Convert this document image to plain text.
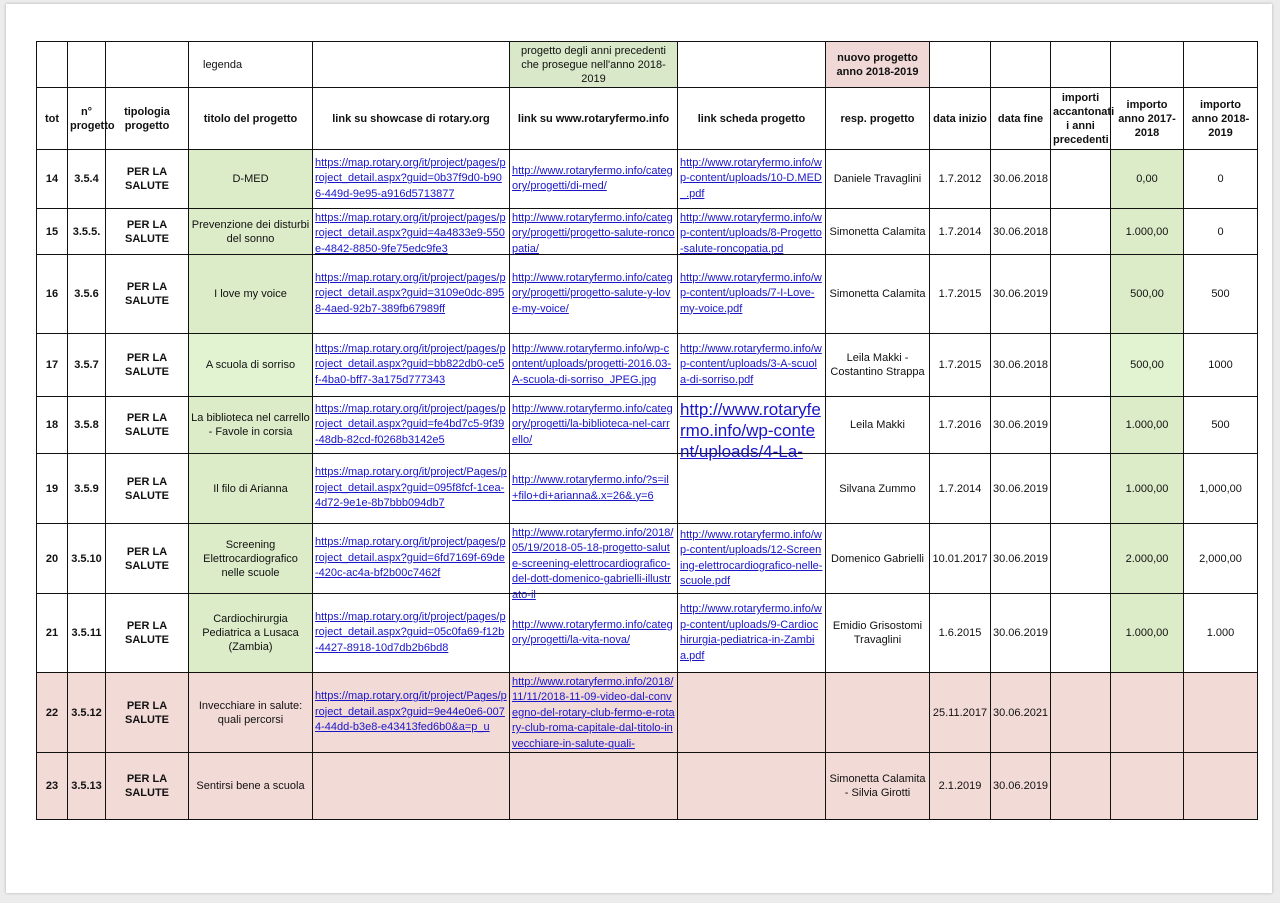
			legenda		progetto degli anni precedenti che prosegue nell'anno 2018-2019		nuovo progetto anno 2018-2019					
tot	n° progetto	tipologia progetto	titolo del progetto	link su showcase di rotary.org	link su www.rotaryfermo.info	link scheda progetto	resp. progetto	data inizio	data fine	importi accantonati i anni precedenti	importo anno 2017- 2018	importo anno 2018- 2019
14	3.5.4	PER LA SALUTE	D-MED	https://map.rotary.org/it/project/pages/project_detail.aspx?guid=0b37f9d0-b906-449d-9e95-a916d5713877	http://www.rotaryfermo.info/category/progetti/di-med/	http://www.rotaryfermo.info/wp-content/uploads/10-D.MED_.pdf	Daniele Travaglini	1.7.2012	30.06.2018		0,00	0
15	3.5.5.	PER LA SALUTE	Prevenzione dei disturbi del sonno	https://map.rotary.org/it/project/pages/project_detail.aspx?guid=4a4833e9-550e-4842-8850-9fe75edc9fe3	http://www.rotaryfermo.info/category/progetti/progetto-salute-roncopatia/	http://www.rotaryfermo.info/wp-content/uploads/8-Progetto-salute-roncopatia.pd	Simonetta Calamita	1.7.2014	30.06.2018		1.000,00	0
16	3.5.6	PER LA SALUTE	I love my voice	https://map.rotary.org/it/project/pages/project_detail.aspx?guid=3109e0dc-8958-4aed-92b7-389fb67989ff	http://www.rotaryfermo.info/category/progetti/progetto-salute-y-love-my-voice/	http://www.rotaryfermo.info/wp-content/uploads/7-I-Love-my-voice.pdf	Simonetta Calamita	1.7.2015	30.06.2019		500,00	500
17	3.5.7	PER LA SALUTE	A scuola di sorriso	https://map.rotary.org/it/project/pages/project_detail.aspx?guid=bb822db0-ce5f-4ba0-bff7-3a175d777343	http://www.rotaryfermo.info/wp-content/uploads/progetti-2016.03-A-scuola-di-sorriso_JPEG.jpg	http://www.rotaryfermo.info/wp-content/uploads/3-A-scuola-di-sorriso.pdf	Leila Makki - Costantino Strappa	1.7.2015	30.06.2018		500,00	1000
18	3.5.8	PER LA SALUTE	La biblioteca nel carrello - Favole in corsia	https://map.rotary.org/it/project/pages/project_detail.aspx?guid=fe4bd7c5-9f39-48db-82cd-f0268b3142e5	http://www.rotaryfermo.info/category/progetti/la-biblioteca-nel-carrello/	http://www.rotaryfermo.info/wp-content/uploads/4-La-	Leila Makki	1.7.2016	30.06.2019		1.000,00	500
19	3.5.9	PER LA SALUTE	Il filo di Arianna	https://map.rotary.org/it/project/Pages/project_detail.aspx?guid=095f8fcf-1cea-4d72-9e1e-8b7bbb094db7	http://www.rotaryfermo.info/?s=il+filo+di+arianna&.x=26&.y=6		Silvana Zummo	1.7.2014	30.06.2019		1.000,00	1,000,00
20	3.5.10	PER LA SALUTE	Screening Elettrocardiografico nelle scuole	https://map.rotary.org/it/project/pages/project_detail.aspx?guid=6fd7169f-69de-420c-ac4a-bf2b00c7462f	http://www.rotaryfermo.info/2018/05/19/2018-05-18-progetto-salute-screening-elettrocardiografico-del-dott-domenico-gabrielli-illustrato-il	http://www.rotaryfermo.info/wp-content/uploads/12-Screening-elettrocardiografico-nelle-scuole.pdf	Domenico Gabrielli	10.01.2017	30.06.2019		2.000,00	2,000,00
21	3.5.11	PER LA SALUTE	Cardiochirurgia Pediatrica a Lusaca (Zambia)	https://map.rotary.org/it/project/pages/project_detail.aspx?guid=05c0fa69-f12b-4427-8918-10d7db2b6bd8	http://www.rotaryfermo.info/category/progetti/la-vita-nova/	http://www.rotaryfermo.info/wp-content/uploads/9-Cardiochirurgia-pediatrica-in-Zambia.pdf	Emidio Grisostomi Travaglini	1.6.2015	30.06.2019		1.000,00	1.000
22	3.5.12	PER LA SALUTE	Invecchiare in salute: quali percorsi	https://map.rotary.org/it/project/Pages/project_detail.aspx?guid=9e44e0e6-0074-44dd-b3e8-e43413fed6b0&a=p_u	http://www.rotaryfermo.info/2018/11/11/2018-11-09-video-dal-convegno-del-rotary-club-fermo-e-rotary-club-roma-capitale-dal-titolo-invecchiare-in-salute-quali-			25.11.2017	30.06.2021			
23	3.5.13	PER LA SALUTE	Sentirsi bene a scuola				Simonetta Calamita - Silvia Girotti	2.1.2019	30.06.2019			
